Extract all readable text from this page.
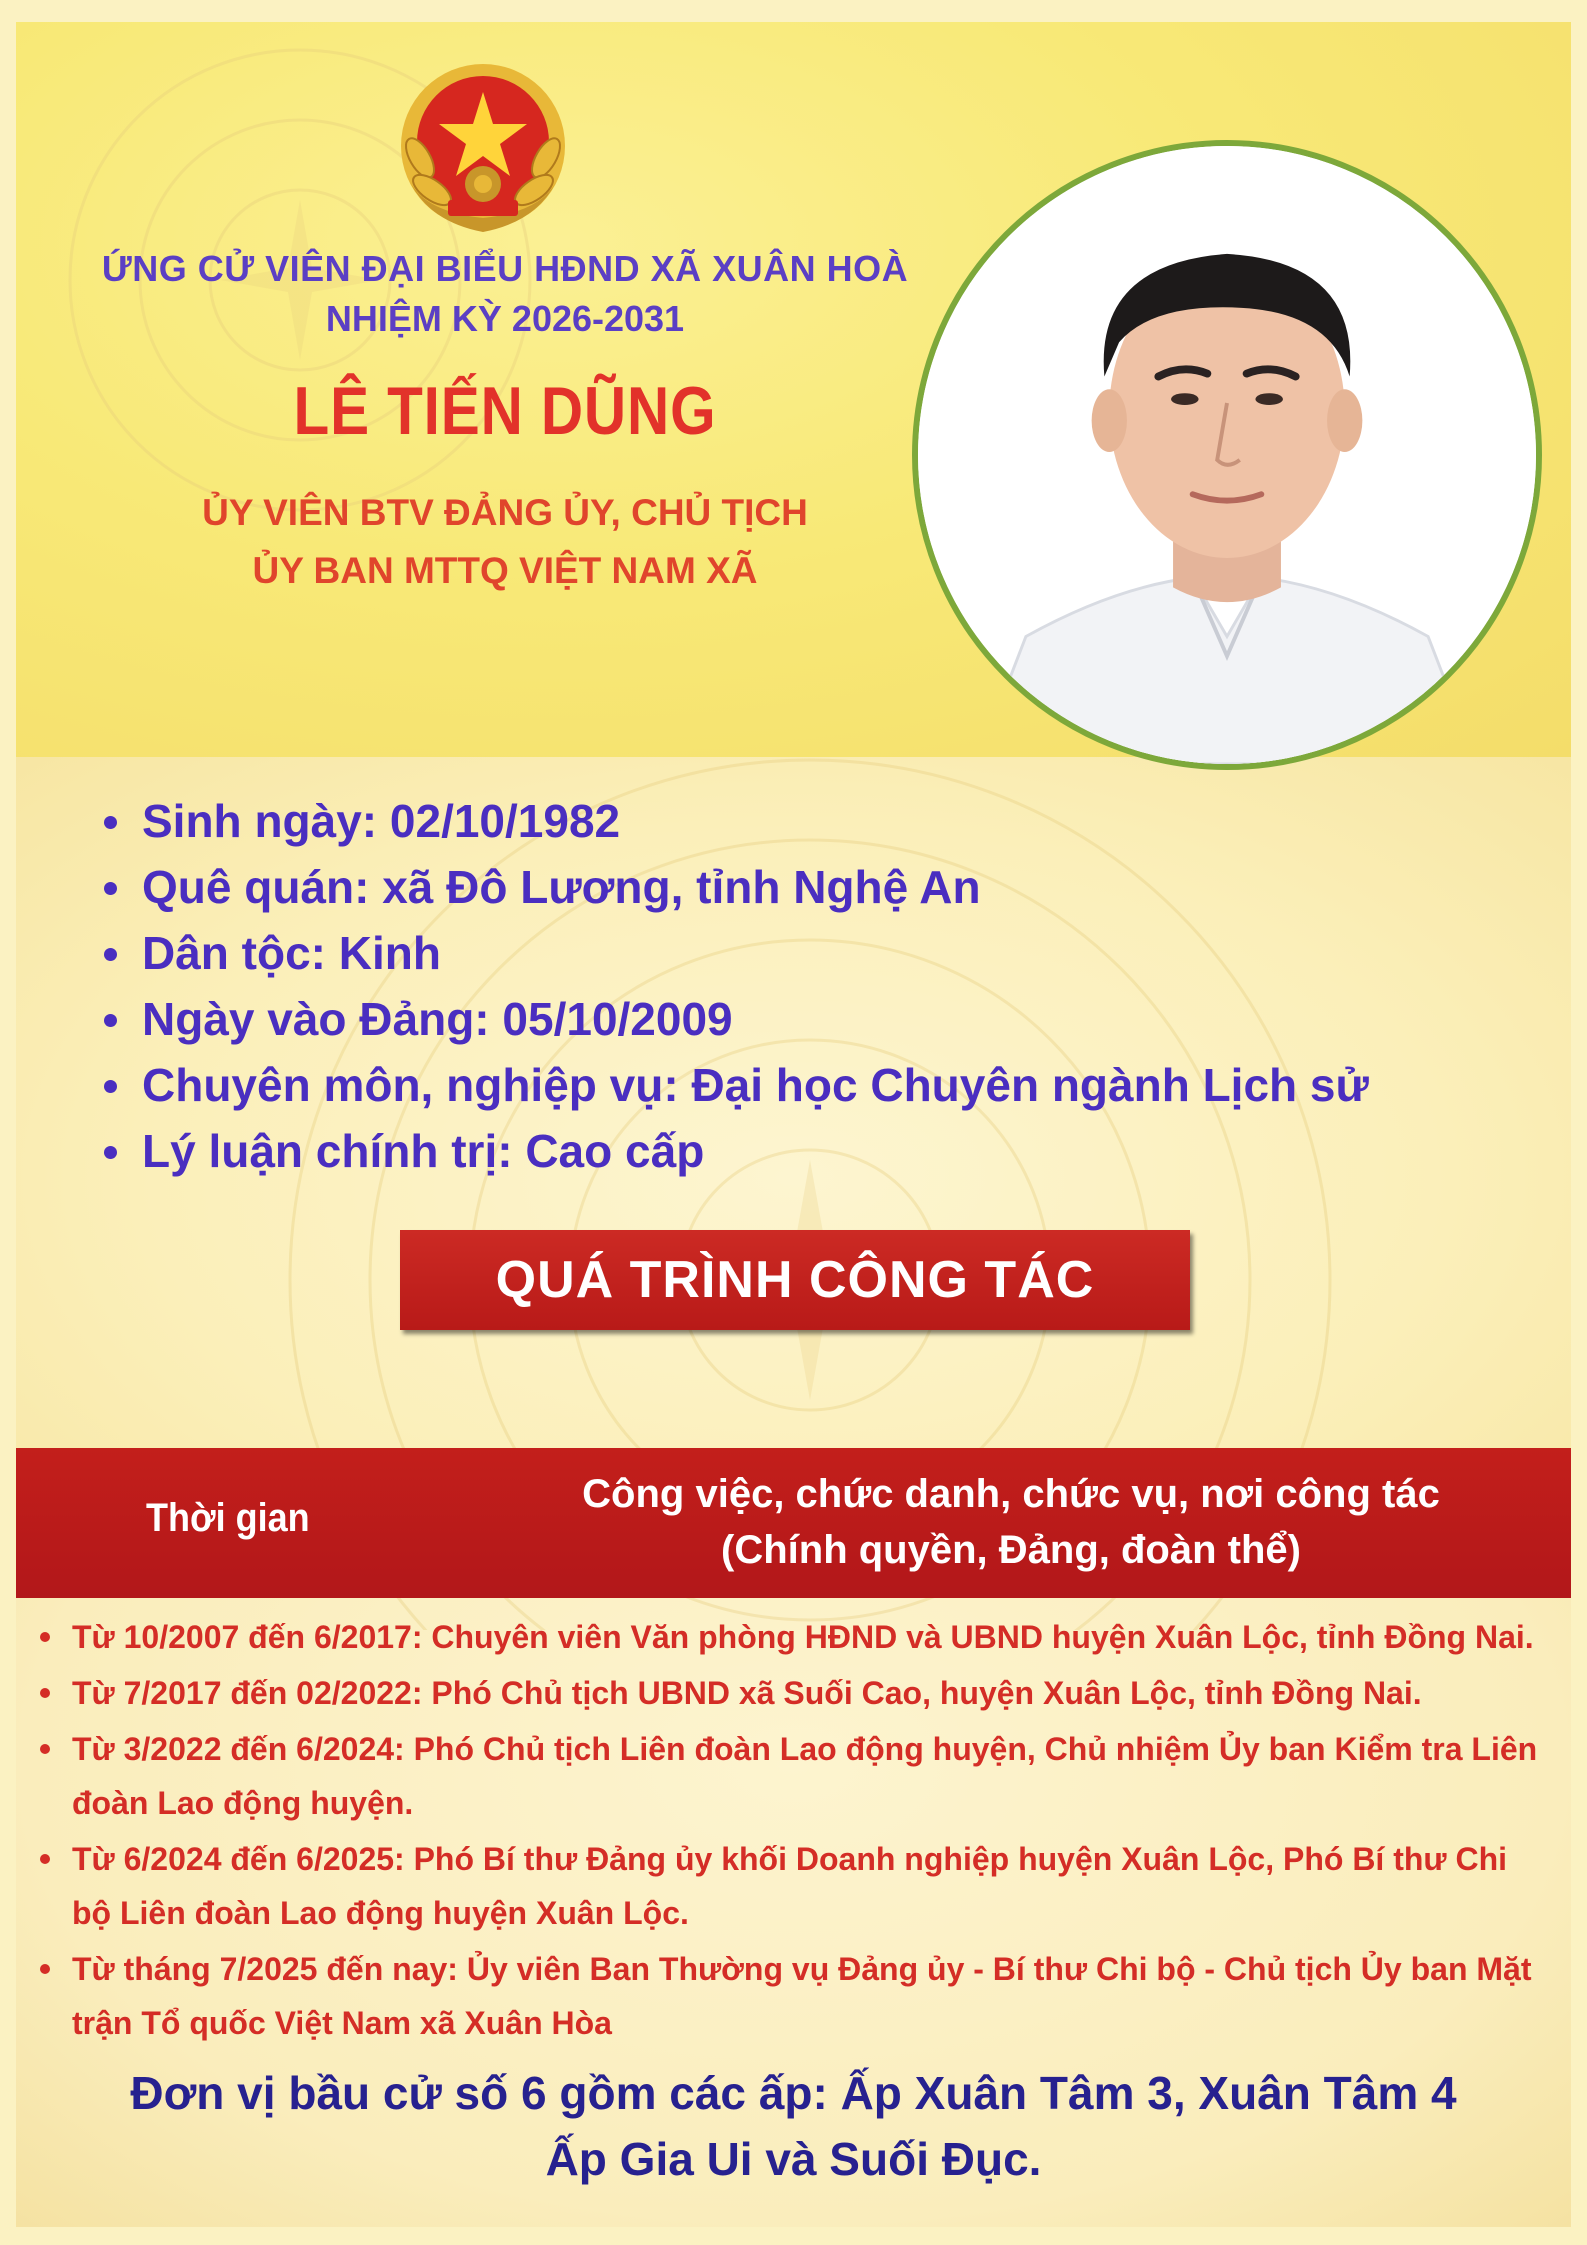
ỨNG CỬ VIÊN ĐẠI BIỂU HĐND XÃ XUÂN HOÀ

NHIỆM KỲ 2026-2031

LÊ TIẾN DŨNG

ỦY VIÊN BTV ĐẢNG ỦY, CHỦ TỊCH

ỦY BAN MTTQ VIỆT NAM XÃ

Sinh ngày: 02/10/1982
Quê quán: xã Đô Lương, tỉnh Nghệ An
Dân tộc: Kinh
Ngày vào Đảng: 05/10/2009
Chuyên môn, nghiệp vụ: Đại học Chuyên ngành Lịch sử
Lý luận chính trị: Cao cấp
QUÁ TRÌNH CÔNG TÁC
Thời gian
Công việc, chức danh, chức vụ, nơi công tác
(Chính quyền, Đảng, đoàn thể)
Từ 10/2007 đến 6/2017: Chuyên viên Văn phòng HĐND và UBND huyện Xuân Lộc, tỉnh Đồng Nai.
Từ 7/2017 đến 02/2022: Phó Chủ tịch UBND xã Suối Cao, huyện Xuân Lộc, tỉnh Đồng Nai.
Từ 3/2022 đến 6/2024: Phó Chủ tịch Liên đoàn Lao động huyện, Chủ nhiệm Ủy ban Kiểm tra Liên đoàn Lao động huyện.
Từ 6/2024 đến 6/2025: Phó Bí thư Đảng ủy khối Doanh nghiệp huyện Xuân Lộc, Phó Bí thư Chi bộ Liên đoàn Lao động huyện Xuân Lộc.
Từ tháng 7/2025 đến nay: Ủy viên Ban Thường vụ Đảng ủy - Bí thư Chi bộ - Chủ tịch Ủy ban Mặt trận Tổ quốc Việt Nam xã Xuân Hòa
Đơn vị bầu cử số 6 gồm các ấp: Ấp Xuân Tâm 3, Xuân Tâm 4
Ấp Gia Ui và Suối Đục.
